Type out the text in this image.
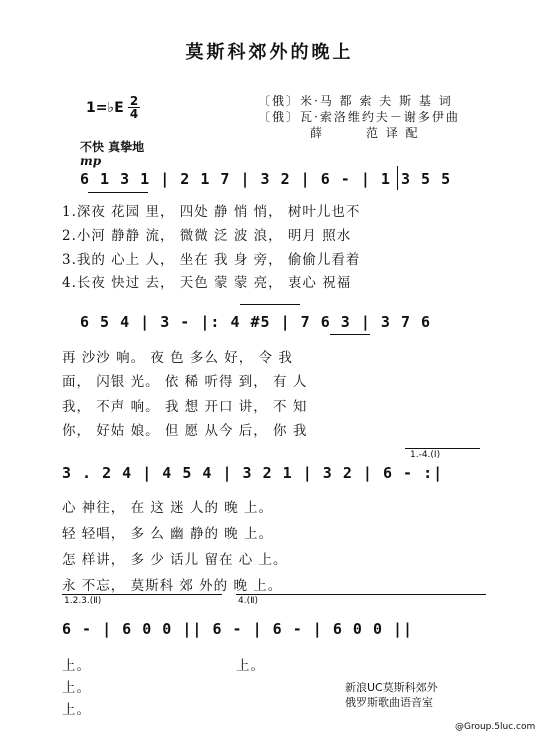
莫斯科郊外的晚上
〔俄〕米·马 都 索 夫 斯 基 词
〔俄〕瓦·索洛维约夫－谢多伊曲
薛　　　范 译 配
1=♭E 2
4
不快 真挚地
mp
6 1 3 1 | 2 1 7 | 3 2 | 6 - | 1 3 5 5
1.深夜 花园 里， 四处 静 悄 悄， 树叶儿也不
2.小河 静静 流， 微微 泛 波 浪， 明月 照水
3.我的 心上 人， 坐在 我 身 旁， 偷偷儿看着
4.长夜 快过 去， 天色 蒙 蒙 亮， 衷心 祝福
6 5 4 | 3 - |: 4 #5 | 7 6 3 | 3 7 6
再 沙沙 响。 夜 色 多么 好， 令 我
面， 闪银 光。 依 稀 听得 到， 有 人
我， 不声 响。 我 想 开口 讲， 不 知
你， 好姑 娘。 但 愿 从今 后， 你 我
1.-4.(Ⅰ)
3 . 2 4 | 4 5 4 | 3 2 1 | 3 2 | 6 - :|
心 神往， 在 这 迷 人的 晚 上。
轻 轻唱， 多 么 幽 静的 晚 上。
怎 样讲， 多 少 话儿 留在 心 上。
永 不忘， 莫斯科 郊 外的 晚 上。
1.2.3.(Ⅱ)	4.(Ⅱ)
6 - | 6 0 0 || 6 - | 6 - | 6 0 0 ||
上。
上。
上。
上。
新浪UC莫斯科郊外
俄罗斯歌曲语音室
@Group.5luc.com
